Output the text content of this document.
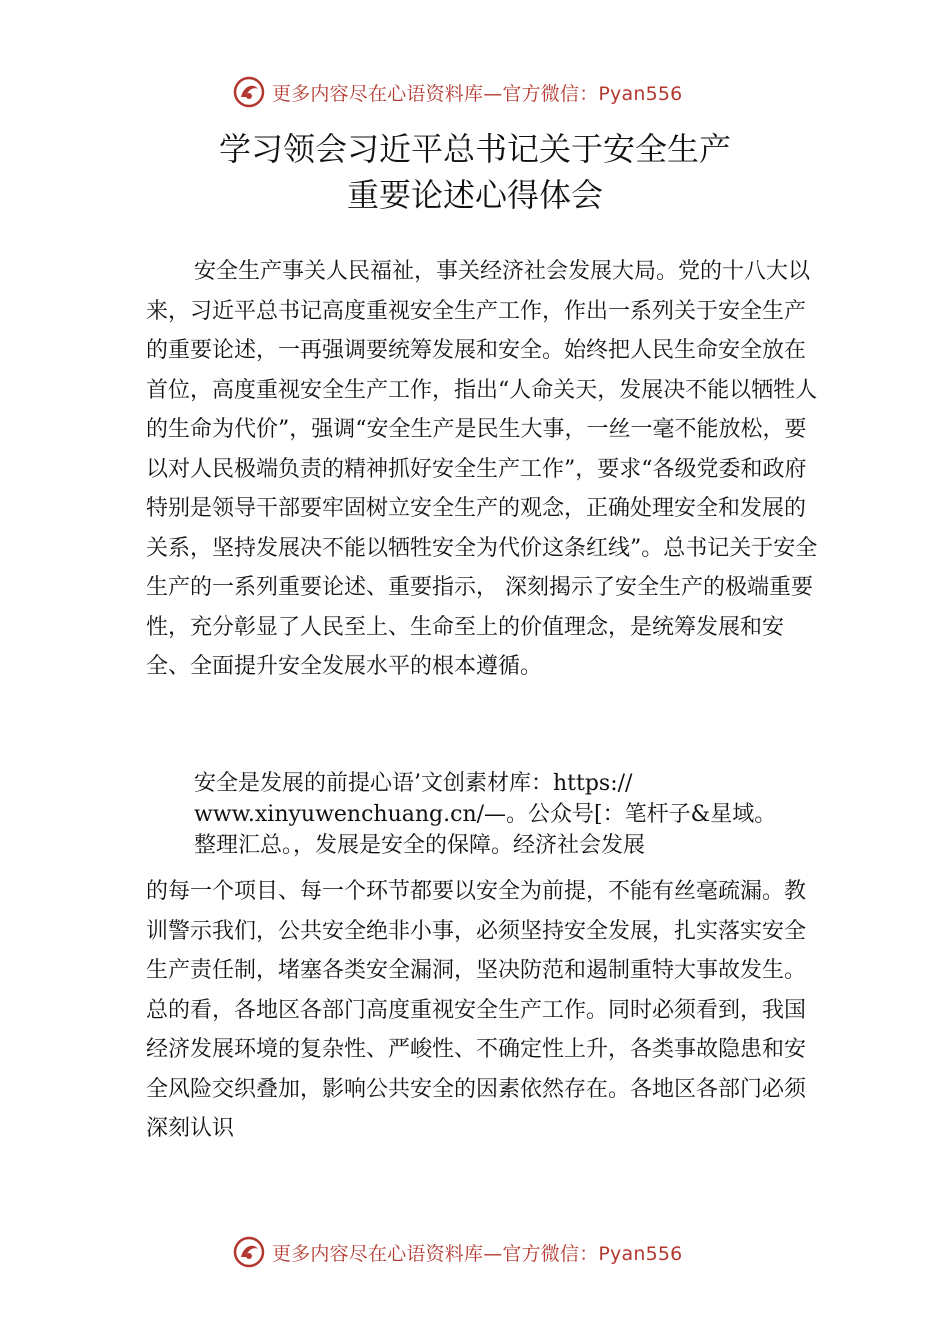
更多内容尽在心语资料库—官方微信：Pyan556
学习领会习近平总书记关于安全生产
重要论述心得体会

安全生产事关人民福祉，事关经济社会发展大局。党的十八大以来，习近平总书记高度重视安全生产工作，作出一系列关于安全生产的重要论述，一再强调要统筹发展和安全。始终把人民生命安全放在首位，高度重视安全生产工作，指出“人命关天，发展决不能以牺牲人的生命为代价”，强调“安全生产是民生大事，一丝一毫不能放松，要以对人民极端负责的精神抓好安全生产工作”，要求“各级党委和政府特别是领导干部要牢固树立安全生产的观念，正确处理安全和发展的关系，坚持发展决不能以牺牲安全为代价这条红线”。总书记关于安全生产的一系列重要论述、重要指示， 深刻揭示了安全生产的极端重要性，充分彰显了人民至上、生命至上的价值理念，是统筹发展和安全、全面提升安全发展水平的根本遵循。

安全是发展的前提心语’文创素材库：https://
www.xinyuwenchuang.cn/—。公众号[：笔杆子&星域。
整理汇总。，发展是安全的保障。经济社会发展

的每一个项目、每一个环节都要以安全为前提，不能有丝毫疏漏。教训警示我们，公共安全绝非小事，必须坚持安全发展，扎实落实安全生产责任制，堵塞各类安全漏洞，坚决防范和遏制重特大事故发生。总的看，各地区各部门高度重视安全生产工作。同时必须看到，我国经济发展环境的复杂性、严峻性、不确定性上升，各类事故隐患和安全风险交织叠加，影响公共安全的因素依然存在。各地区各部门必须深刻认识

更多内容尽在心语资料库—官方微信：Pyan556
